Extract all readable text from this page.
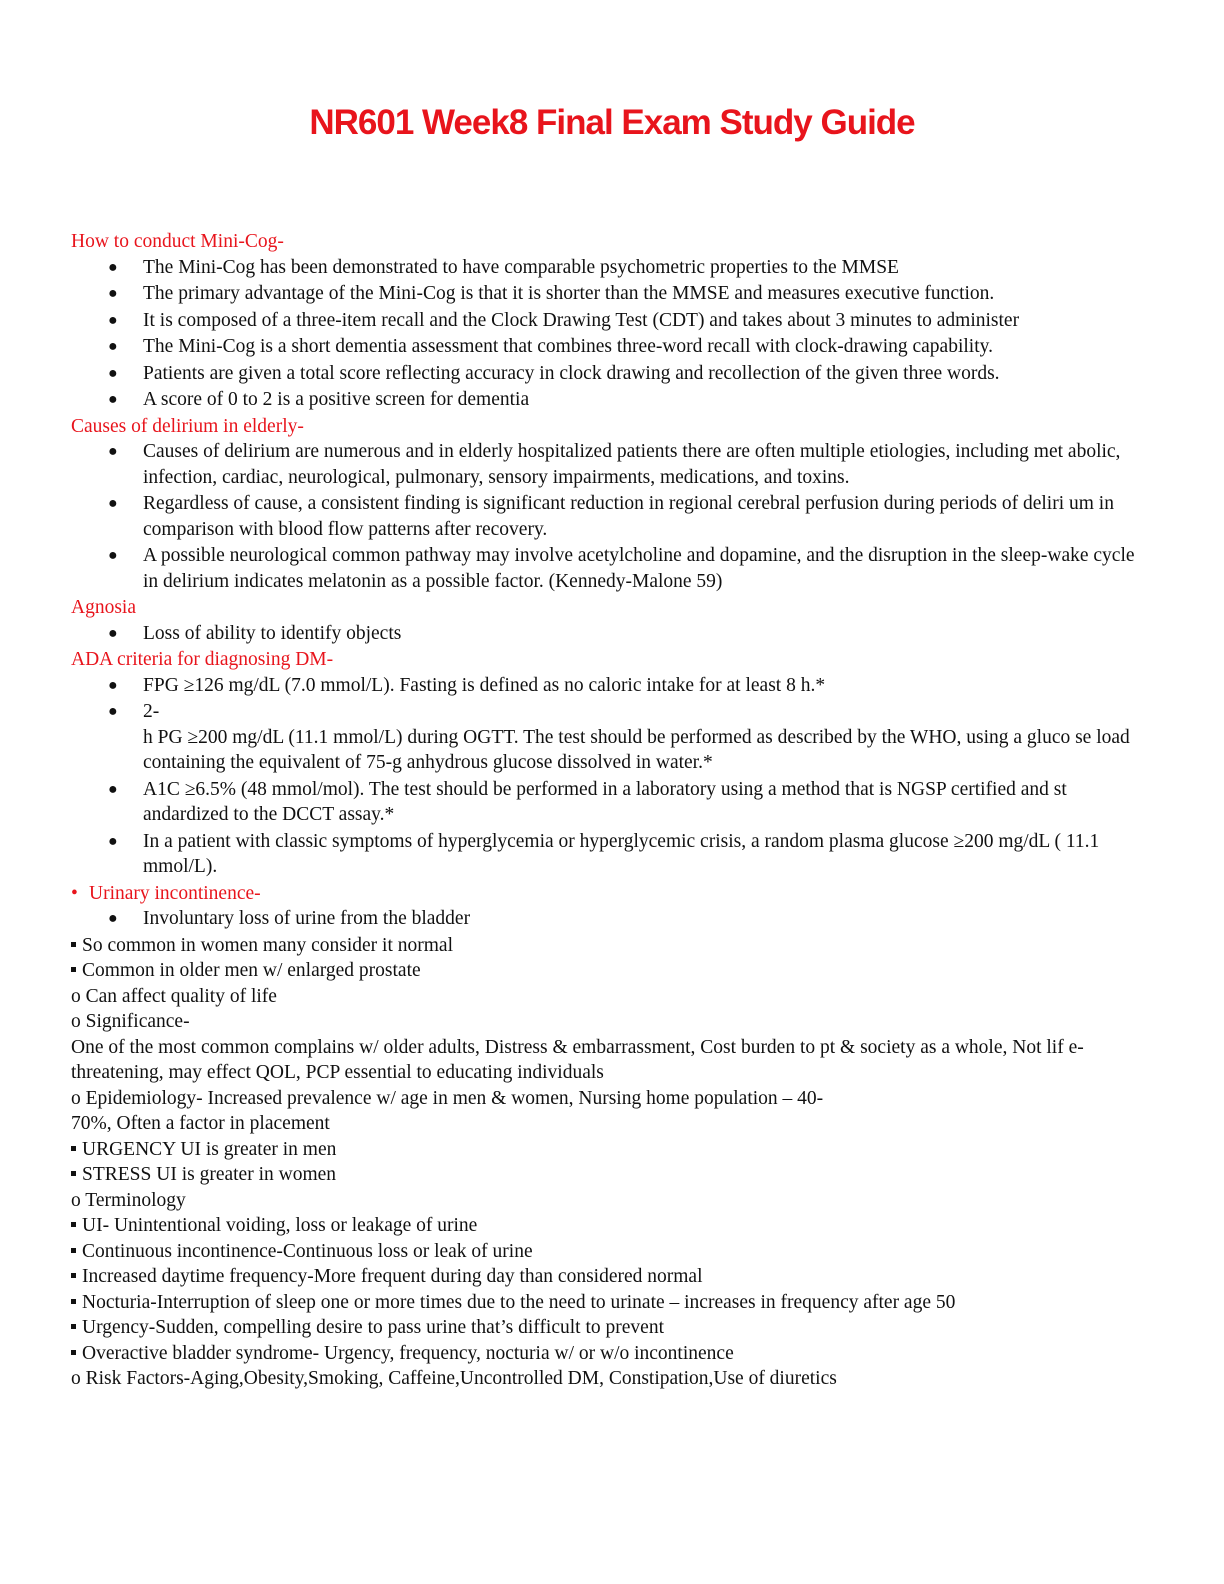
NR601 Week8 Final Exam Study Guide

How to conduct Mini-Cog-

● The Mini-Cog has been demonstrated to have comparable psychometric properties to the MMSE
● The primary advantage of the Mini-Cog is that it is shorter than the MMSE and measures executive function.
● It is composed of a three-item recall and the Clock Drawing Test (CDT) and takes about 3 minutes to administer
● The Mini-Cog is a short dementia assessment that combines three-word recall with clock-drawing capability.
● Patients are given a total score reflecting accuracy in clock drawing and recollection of the given three words.
● A score of 0 to 2 is a positive screen for dementia

Causes of delirium in elderly-

● Causes of delirium are numerous and in elderly hospitalized patients there are often multiple etiologies, including met abolic, infection, cardiac, neurological, pulmonary, sensory impairments, medications, and toxins.
● Regardless of cause, a consistent finding is significant reduction in regional cerebral perfusion during periods of deliri um in comparison with blood flow patterns after recovery.
● A possible neurological common pathway may involve acetylcholine and dopamine, and the disruption in the sleep-wake cycle in delirium indicates melatonin as a possible factor. (Kennedy-Malone 59)

Agnosia

● Loss of ability to identify objects

ADA criteria for diagnosing DM-

● FPG ≥126 mg/dL (7.0 mmol/L). Fasting is defined as no caloric intake for at least 8 h.*
● 2-
h PG ≥200 mg/dL (11.1 mmol/L) during OGTT. The test should be performed as described by the WHO, using a gluco se load containing the equivalent of 75-g anhydrous glucose dissolved in water.*
● A1C ≥6.5% (48 mmol/mol). The test should be performed in a laboratory using a method that is NGSP certified and st andardized to the DCCT assay.*
● In a patient with classic symptoms of hyperglycemia or hyperglycemic crisis, a random plasma glucose ≥200 mg/dL ( 11.1 mmol/L).

• Urinary incontinence-

● Involuntary loss of urine from the bladder

So common in women many consider it normal

Common in older men w/ enlarged prostate

o Can affect quality of life

o Significance-

One of the most common complains w/ older adults, Distress & embarrassment, Cost burden to pt & society as a whole, Not lif e-threatening, may effect QOL, PCP essential to educating individuals

o Epidemiology- Increased prevalence w/ age in men & women, Nursing home population – 40-

70%, Often a factor in placement

URGENCY UI is greater in men

STRESS UI is greater in women

o Terminology

UI- Unintentional voiding, loss or leakage of urine

Continuous incontinence-Continuous loss or leak of urine

Increased daytime frequency-More frequent during day than considered normal

Nocturia-Interruption of sleep one or more times due to the need to urinate – increases in frequency after age 50

Urgency-Sudden, compelling desire to pass urine that’s difficult to prevent

Overactive bladder syndrome- Urgency, frequency, nocturia w/ or w/o incontinence

o Risk Factors-Aging,Obesity,Smoking, Caffeine,Uncontrolled DM, Constipation,Use of diuretics
